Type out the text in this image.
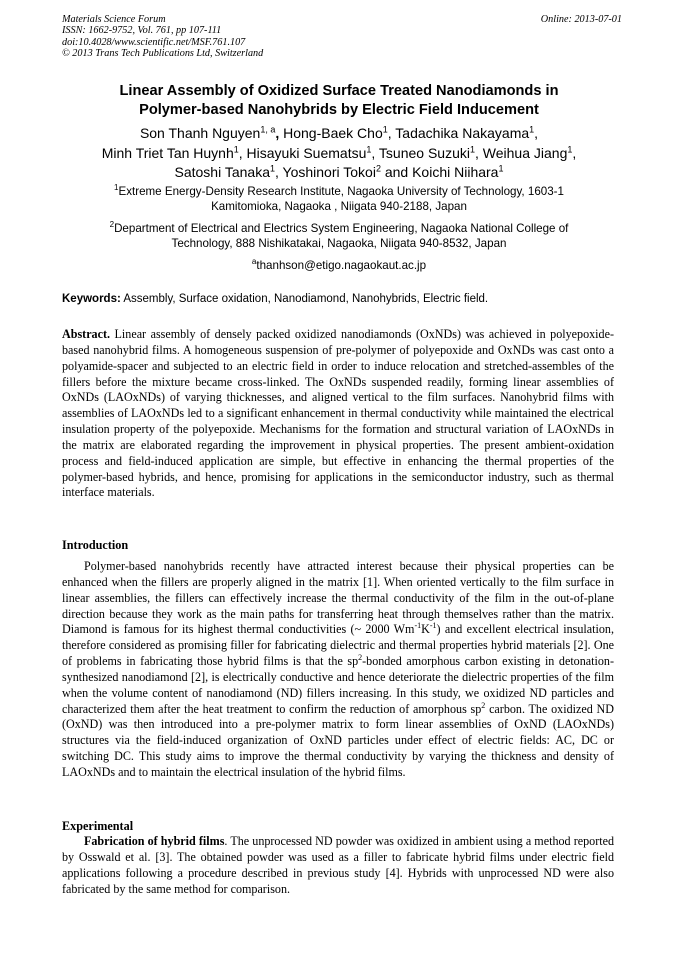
Materials Science Forum
ISSN: 1662-9752, Vol. 761, pp 107-111
doi:10.4028/www.scientific.net/MSF.761.107
© 2013 Trans Tech Publications Ltd, Switzerland
Online: 2013-07-01
Linear Assembly of Oxidized Surface Treated Nanodiamonds in
Polymer-based Nanohybrids by Electric Field Inducement
Son Thanh Nguyen$^{1, a}$, Hong-Baek Cho$^1$, Tadachika Nakayama$^1$,
Minh Triet Tan Huynh$^1$, Hisayuki Suematsu$^1$, Tsuneo Suzuki$^1$, Weihua Jiang$^1$,
Satoshi Tanaka$^1$, Yoshinori Tokoi$^2$ and Koichi Niihara$^1$
$^1$Extreme Energy-Density Research Institute, Nagaoka University of Technology, 1603-1
Kamitomioka, Nagaoka , Niigata 940-2188, Japan
$^2$Department of Electrical and Electrics System Engineering, Nagaoka National College of
Technology, 888 Nishikatakai, Nagaoka, Niigata 940-8532, Japan
$^a$thanhson@etigo.nagaokaut.ac.jp
Keywords: Assembly, Surface oxidation, Nanodiamond, Nanohybrids, Electric field.

Abstract. Linear assembly of densely packed oxidized nanodiamonds (OxNDs) was achieved in polyepoxide-based nanohybrid films. A homogeneous suspension of pre-polymer of polyepoxide and OxNDs was cast onto a polyamide-spacer and subjected to an electric field in order to induce relocation and stretched-assembles of the fillers before the mixture became cross-linked. The OxNDs suspended readily, forming linear assemblies of OxNDs (LAOxNDs) of varying thicknesses, and aligned vertical to the film surfaces. Nanohybrid films with assemblies of LAOxNDs led to a significant enhancement in thermal conductivity while maintained the electrical insulation property of the polyepoxide. Mechanisms for the formation and structural variation of LAOxNDs in the matrix are elaborated regarding the improvement in physical properties. The present ambient-oxidation process and field-induced application are simple, but effective in enhancing the thermal properties of the polymer-based hybrids, and hence, promising for applications in the semiconductor industry, such as thermal interface materials.

Introduction

Polymer-based nanohybrids recently have attracted interest because their physical properties can be enhanced when the fillers are properly aligned in the matrix [1]. When oriented vertically to the film surface in linear assemblies, the fillers can effectively increase the thermal conductivity of the film in the out-of-plane direction because they work as the main paths for transferring heat through themselves rather than the matrix. Diamond is famous for its highest thermal conductivities (~ 2000 $Wm^{-1}K^{-1}$) and excellent electrical insulation, therefore considered as promising filler for fabricating dielectric and thermal properties hybrid materials [2]. One of problems in fabricating those hybrid films is that the $sp^2$-bonded amorphous carbon existing in detonation-synthesized nanodiamond [2], is electrically conductive and hence deteriorate the dielectric properties of the film when the volume content of nanodiamond (ND) fillers increasing. In this study, we oxidized ND particles and characterized them after the heat treatment to confirm the reduction of amorphous $sp^2$ carbon. The oxidized ND (OxND) was then introduced into a pre-polymer matrix to form linear assemblies of OxND (LAOxNDs) structures via the field-induced organization of OxND particles under effect of electric fields: AC, DC or switching DC. This study aims to improve the thermal conductivity by varying the thickness and density of LAOxNDs and to maintain the electrical insulation of the hybrid films.

Experimental

Fabrication of hybrid films. The unprocessed ND powder was oxidized in ambient using a method reported by Osswald et al. [3]. The obtained powder was used as a filler to fabricate hybrid films under electric field applications following a procedure described in previous study [4]. Hybrids with unprocessed ND were also fabricated by the same method for comparison.
